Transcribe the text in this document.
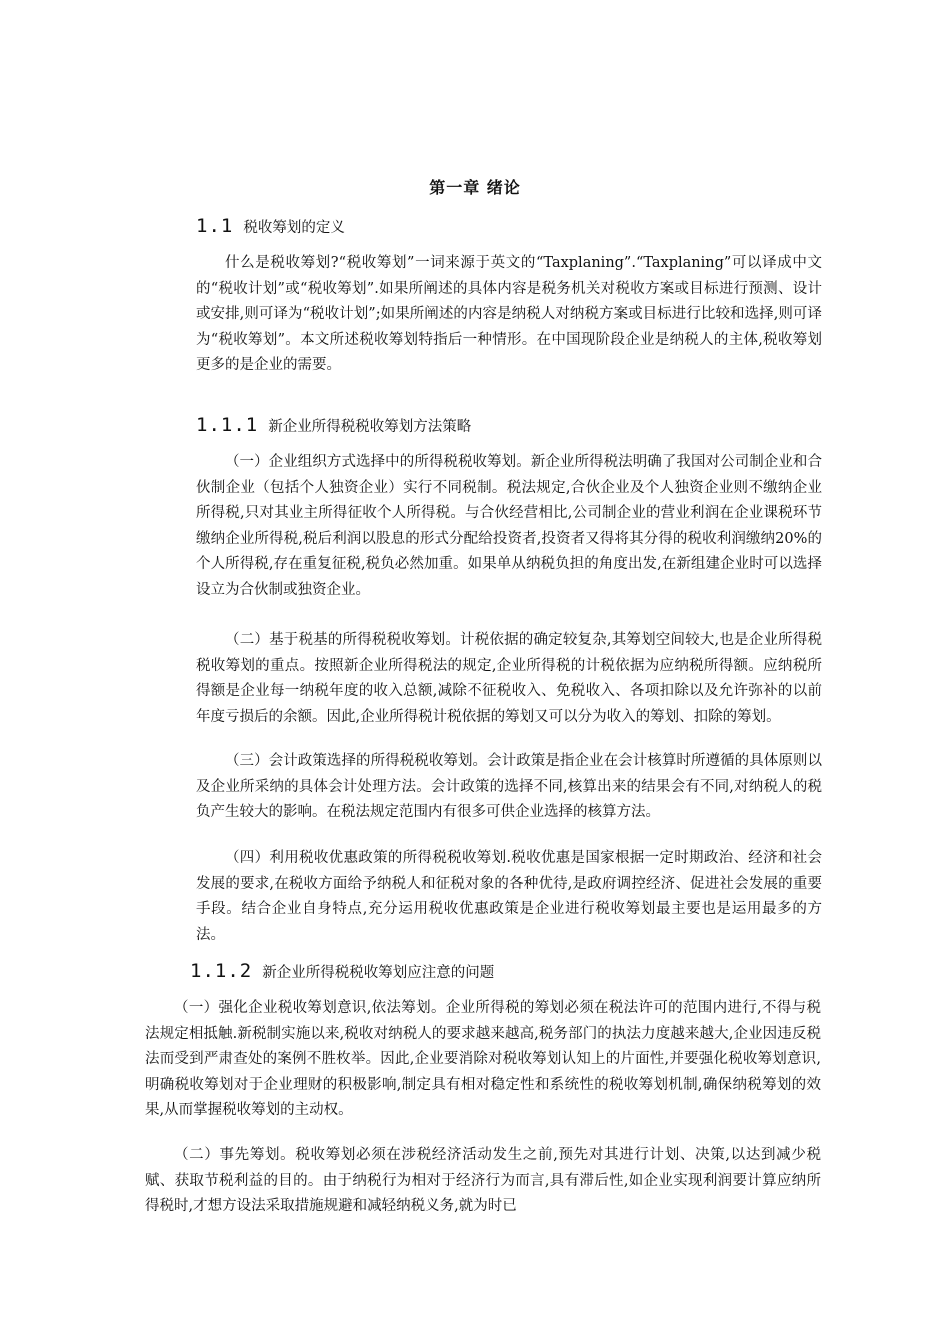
第一章 绪论
1.1 税收筹划的定义

什么是税收筹划?“税收筹划”一词来源于英文的“Taxplaning”.“Taxplaning”可以译成中文的“税收计划”或“税收筹划”.如果所阐述的具体内容是税务机关对税收方案或目标进行预测、设计或安排,则可译为“税收计划”;如果所阐述的内容是纳税人对纳税方案或目标进行比较和选择,则可译为“税收筹划”。本文所述税收筹划特指后一种情形。在中国现阶段企业是纳税人的主体,税收筹划更多的是企业的需要。

1.1.1 新企业所得税税收筹划方法策略

（一）企业组织方式选择中的所得税税收筹划。新企业所得税法明确了我国对公司制企业和合伙制企业（包括个人独资企业）实行不同税制。税法规定,合伙企业及个人独资企业则不缴纳企业所得税,只对其业主所得征收个人所得税。与合伙经营相比,公司制企业的营业利润在企业课税环节缴纳企业所得税,税后利润以股息的形式分配给投资者,投资者又得将其分得的税收利润缴纳20%的个人所得税,存在重复征税,税负必然加重。如果单从纳税负担的角度出发,在新组建企业时可以选择设立为合伙制或独资企业。

（二）基于税基的所得税税收筹划。计税依据的确定较复杂,其筹划空间较大,也是企业所得税税收筹划的重点。按照新企业所得税法的规定,企业所得税的计税依据为应纳税所得额。应纳税所得额是企业每一纳税年度的收入总额,减除不征税收入、免税收入、各项扣除以及允许弥补的以前年度亏损后的余额。因此,企业所得税计税依据的筹划又可以分为收入的筹划、扣除的筹划。

（三）会计政策选择的所得税税收筹划。会计政策是指企业在会计核算时所遵循的具体原则以及企业所采纳的具体会计处理方法。会计政策的选择不同,核算出来的结果会有不同,对纳税人的税负产生较大的影响。在税法规定范围内有很多可供企业选择的核算方法。

（四）利用税收优惠政策的所得税税收筹划.税收优惠是国家根据一定时期政治、经济和社会发展的要求,在税收方面给予纳税人和征税对象的各种优待,是政府调控经济、促进社会发展的重要手段。结合企业自身特点,充分运用税收优惠政策是企业进行税收筹划最主要也是运用最多的方法。

1.1.2 新企业所得税税收筹划应注意的问题

（一）强化企业税收筹划意识,依法筹划。企业所得税的筹划必须在税法许可的范围内进行,不得与税法规定相抵触.新税制实施以来,税收对纳税人的要求越来越高,税务部门的执法力度越来越大,企业因违反税法而受到严肃查处的案例不胜枚举。因此,企业要消除对税收筹划认知上的片面性,并要强化税收筹划意识,明确税收筹划对于企业理财的积极影响,制定具有相对稳定性和系统性的税收筹划机制,确保纳税筹划的效果,从而掌握税收筹划的主动权。

（二）事先筹划。税收筹划必须在涉税经济活动发生之前,预先对其进行计划、决策,以达到减少税赋、获取节税利益的目的。由于纳税行为相对于经济行为而言,具有滞后性,如企业实现利润要计算应纳所得税时,才想方设法采取措施规避和减轻纳税义务,就为时已
